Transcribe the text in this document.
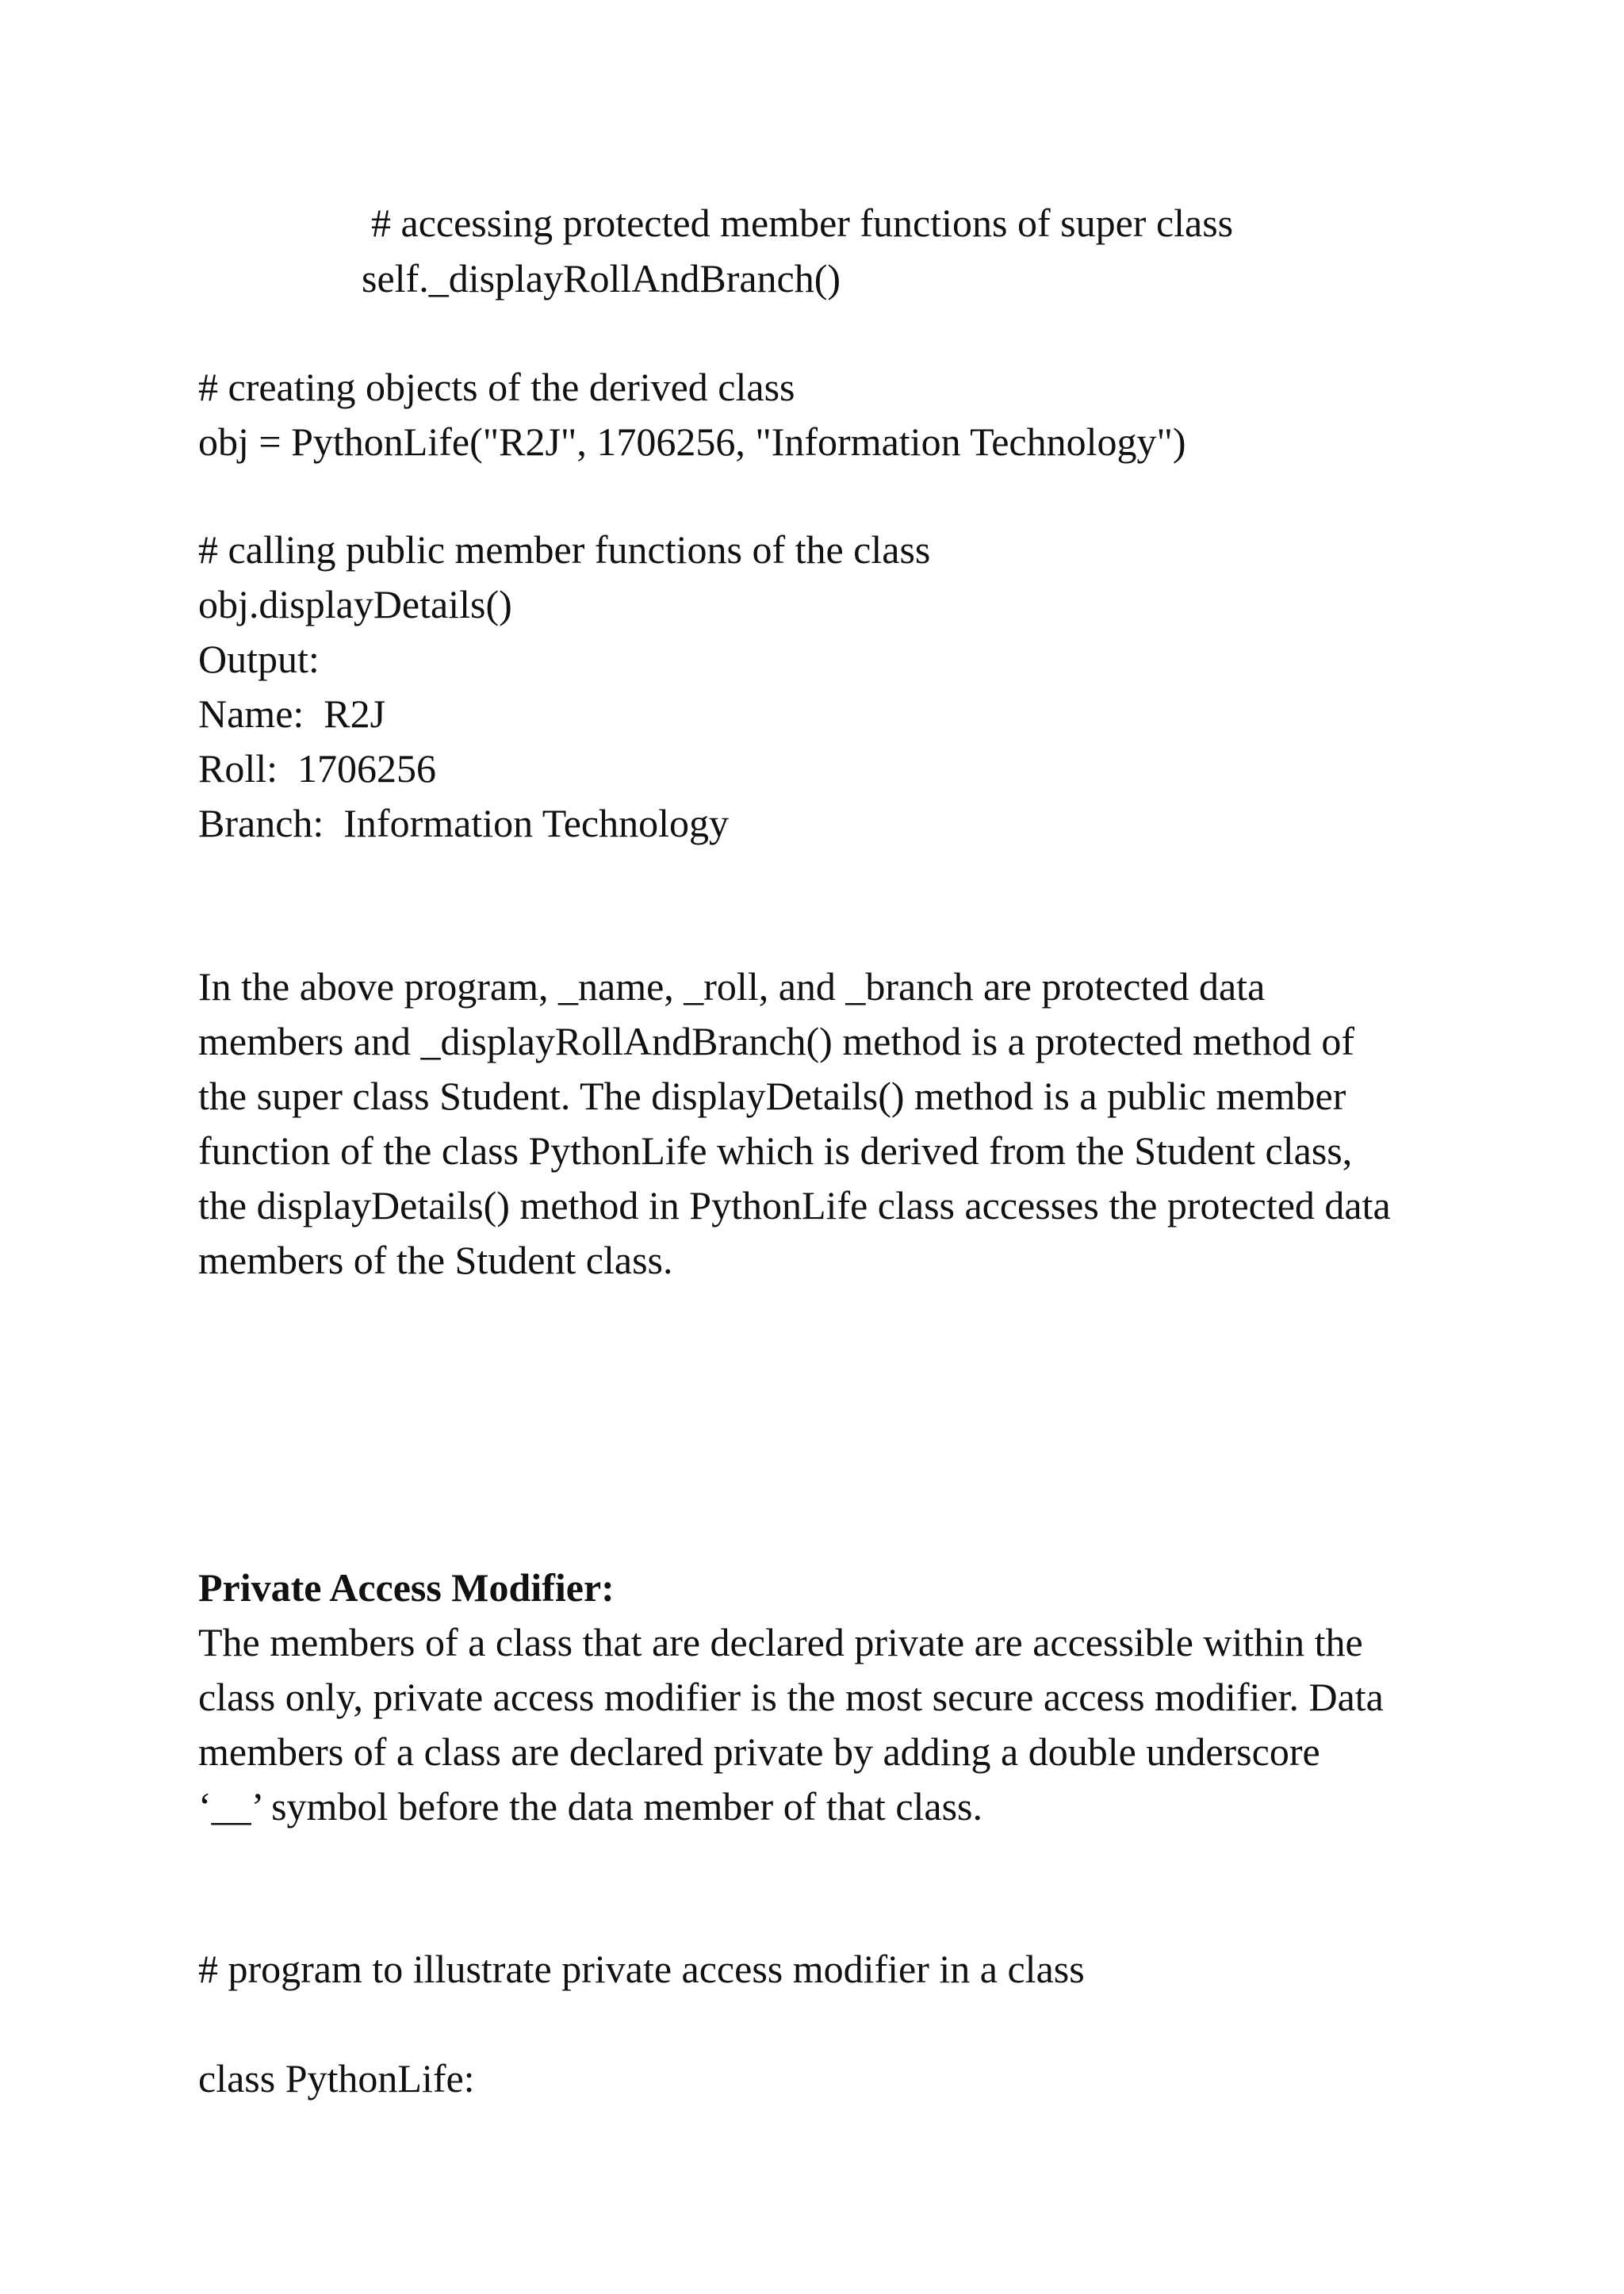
# accessing protected member functions of super class

self._displayRollAndBranch()

# creating objects of the derived class

obj = PythonLife("R2J", 1706256, "Information Technology")

# calling public member functions of the class

obj.displayDetails()

Output:

Name:  R2J

Roll:  1706256

Branch:  Information Technology

In the above program, _name, _roll, and _branch are protected data

members and _displayRollAndBranch() method is a protected method of

the super class Student. The displayDetails() method is a public member

function of the class PythonLife which is derived from the Student class,

the displayDetails() method in PythonLife class accesses the protected data

members of the Student class.

Private Access Modifier:

The members of a class that are declared private are accessible within the

class only, private access modifier is the most secure access modifier. Data

members of a class are declared private by adding a double underscore

‘__’ symbol before the data member of that class.

# program to illustrate private access modifier in a class

class PythonLife:
